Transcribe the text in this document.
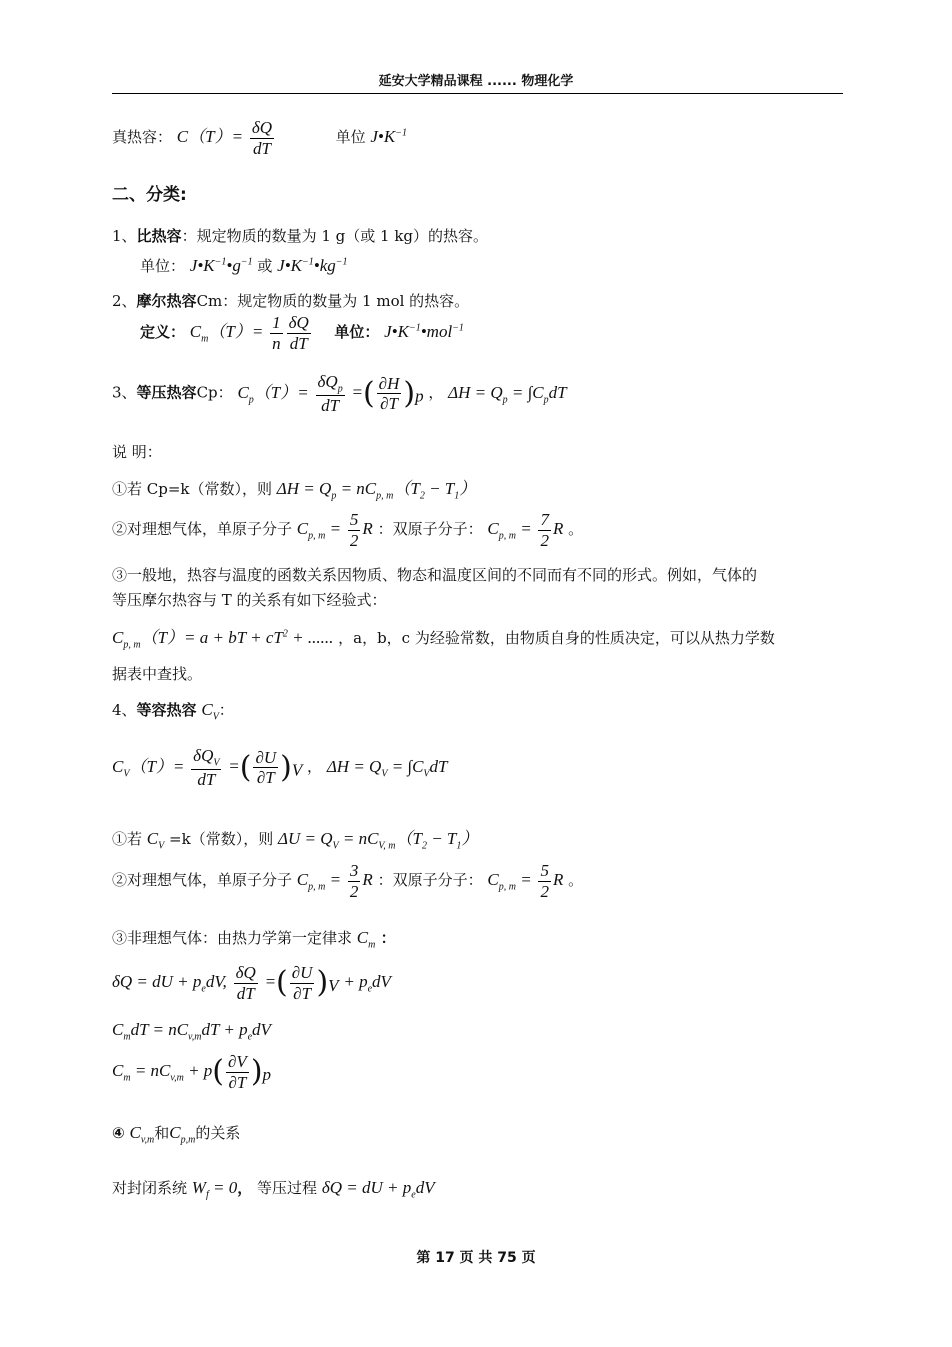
延安大学精品课程 ...... 物理化学
真热容： $C(T)= \frac{\delta Q}{dT}$	单位 $J•K^{-1}$
二、分类:
1、比热容：规定物质的数量为 1 g（或 1 kg）的热容。
单位： $J•K^{-1}•g^{-1}$ 或 $J•K^{-1}•kg^{-1}$
2、摩尔热容Cm：规定物质的数量为 1 mol 的热容。
定义： $C_m(T)= \frac{1}{n} \frac{\delta Q}{dT}$ 单位： $J•K^{-1}•mol^{-1}$
3、等压热容Cp： $C_p(T)= \frac{\delta Q_p}{dT}$ =( $\frac{\partial H}{\partial T} )_p$ ， $\Delta H = Q_p = \int C_pdT$
说 明：
①若 Cp=k（常数），则 $\Delta H = Q_p = nC_{p, m}(T_2 - T_1)$
②对理想气体，单原子分子 $C_{p, m} = \frac{5}{2}$ R ：双原子分子： $C_{p, m} = \frac{7}{2}$ R 。
③一般地，热容与温度的函数关系因物质、物态和温度区间的不同而有不同的形式。例如，气体的
等压摩尔热容与 T 的关系有如下经验式：
$C_{p, m}(T)= a$ + bT + $cT^2$ + ...... ，a，b，c 为经验常数，由物质自身的性质决定，可以从热力学数
据表中查找。
4、等容热容 $C_V$：
$C_V(T)= \frac{\delta Q_V}{dT}$ =( $\frac{\partial U}{\partial T} )_V$ ， $\Delta H = Q_V = \int C_VdT$
①若 $C_V =k$（常数），则 $\Delta U = Q_V = nC_{V, m}(T_2 - T_1)$
②对理想气体，单原子分子 $C_{p, m} = \frac{3}{2}$ R ：双原子分子： $C_{p, m} = \frac{5}{2}$ R 。
③非理想气体：由热力学第一定律求 $C_m$ ：
δQ = dU + $p_edV$, $\frac{\delta Q}{dT}$ =( $\frac{\partial U}{\partial T} )_V + p_edV$
$C_mdT = nC_{v,m}dT + p_edV$
$C_m = nC_{v,m} + p( \frac{\partial V}{\partial T} )_p$
④ $C_{v,m}$和$C_{p,m}$的关系
对封闭系统 $W_f = 0$， 等压过程 δQ = dU + $p_edV$
第 17 页 共 75 页
